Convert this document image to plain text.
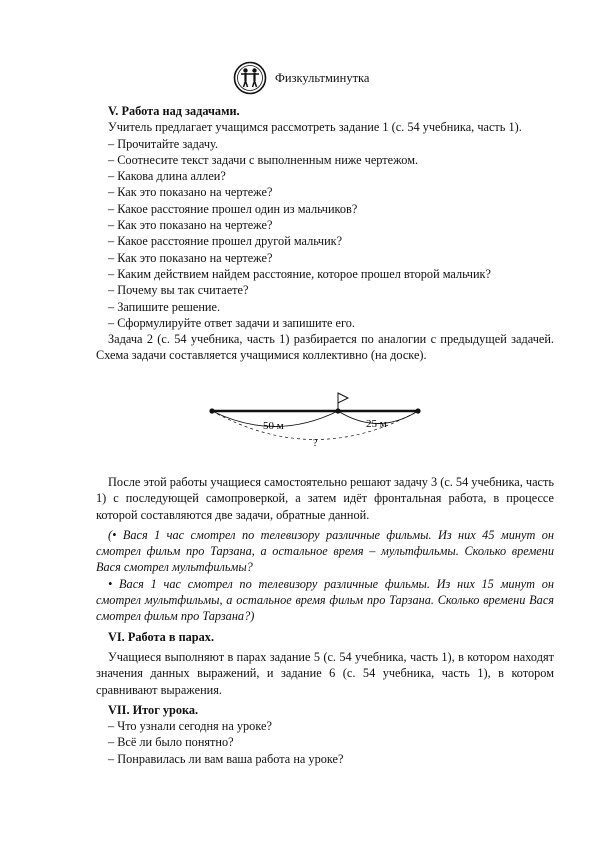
Физкультминутка

V. Работа над задачами.

Учитель предлагает учащимся рассмотреть задание 1 (с. 54 учебника, часть 1).

– Прочитайте задачу.

– Соотнесите текст задачи с выполненным ниже чертежом.

– Какова длина аллеи?

– Как это показано на чертеже?

– Какое расстояние прошел один из мальчиков?

– Как это показано на чертеже?

– Какое расстояние прошел другой мальчик?

– Как это показано на чертеже?

– Каким действием найдем расстояние, которое прошел второй мальчик?

– Почему вы так считаете?

– Запишите решение.

– Сформулируйте ответ задачи и запишите его.

Задача 2 (с. 54 учебника, часть 1) разбирается по аналогии с предыдущей задачей. Схема задачи составляется учащимися коллективно (на доске).

50 м	25 м
?

После этой работы учащиеся самостоятельно решают задачу 3 (с. 54 учебника, часть 1) с последующей самопроверкой, а затем идёт фронтальная работа, в процессе которой составляются две задачи, обратные данной.

(• Вася 1 час смотрел по телевизору различные фильмы. Из них 45 минут он смотрел фильм про Тарзана, а остальное время – мультфильмы. Сколько времени Вася смотрел мультфильмы?

• Вася 1 час смотрел по телевизору различные фильмы. Из них 15 минут он смотрел мультфильмы, а остальное время фильм про Тарзана. Сколько времени Вася смотрел фильм про Тарзана?)

VI. Работа в парах.

Учащиеся выполняют в парах задание 5 (с. 54 учебника, часть 1), в котором находят значения данных выражений, и задание 6 (с. 54 учебника, часть 1), в котором сравнивают выражения.

VII. Итог урока.

– Что узнали сегодня на уроке?

– Всё ли было понятно?

– Понравилась ли вам ваша работа на уроке?
